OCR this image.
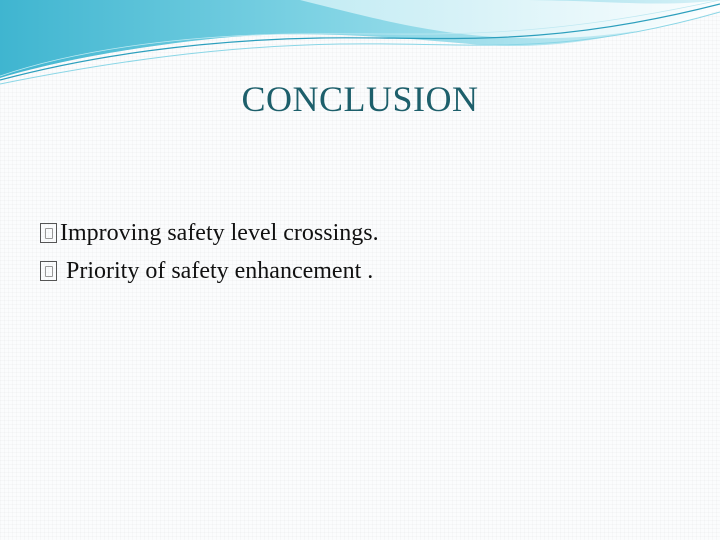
CONCLUSION
Improving safety level crossings.
Priority of safety enhancement .
